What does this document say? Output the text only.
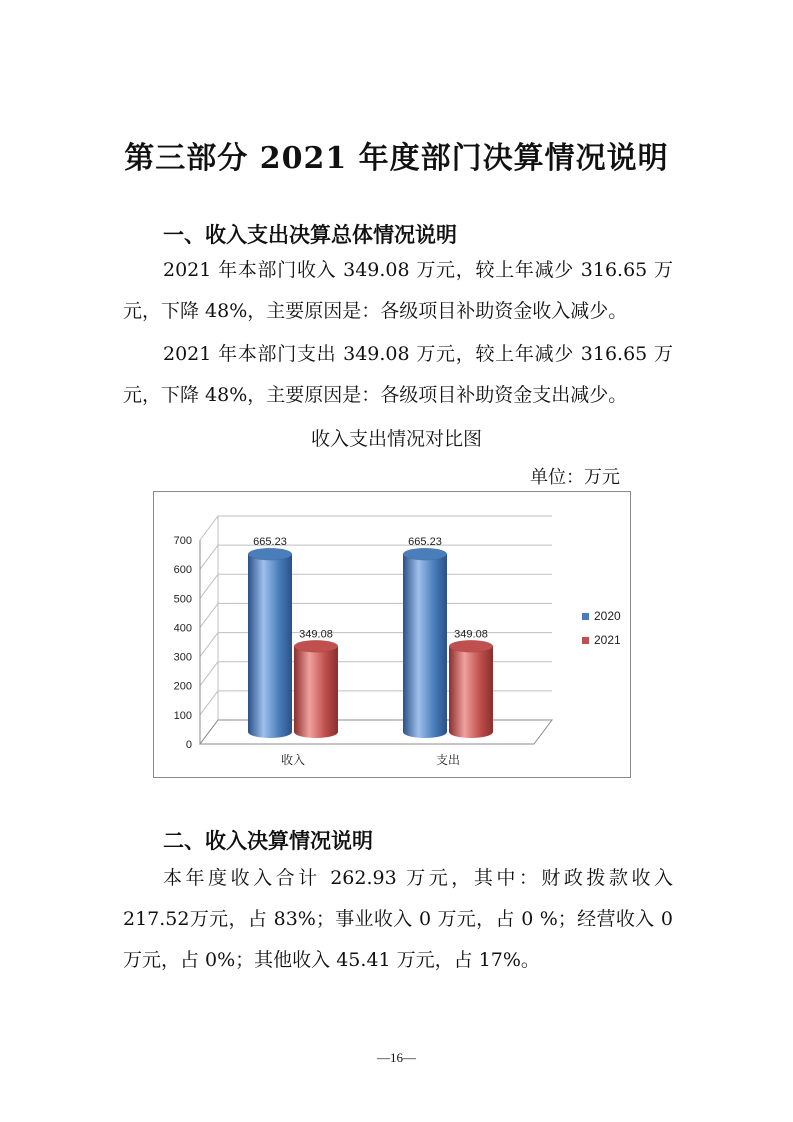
第三部分 2021 年度部门决算情况说明
一、收入支出决算总体情况说明
2021 年本部门收入 349.08 万元，较上年减少 316.65 万元，下降 48%，主要原因是：各级项目补助资金收入减少。
2021 年本部门支出 349.08 万元，较上年减少 316.65 万元，下降 48%，主要原因是：各级项目补助资金支出减少。
收入支出情况对比图
单位：万元
0
100
200
300
400
500
600
700	665.23
349.08
收入
665.23
349.08
支出
2020
2021
二、收入决算情况说明
本年度收入合计 262.93 万元，其中：财政拨款收入 217.52万元，占 83%；事业收入 0 万元，占 0 %；经营收入 0 万元，占 0%；其他收入 45.41 万元，占 17%。
—16—
